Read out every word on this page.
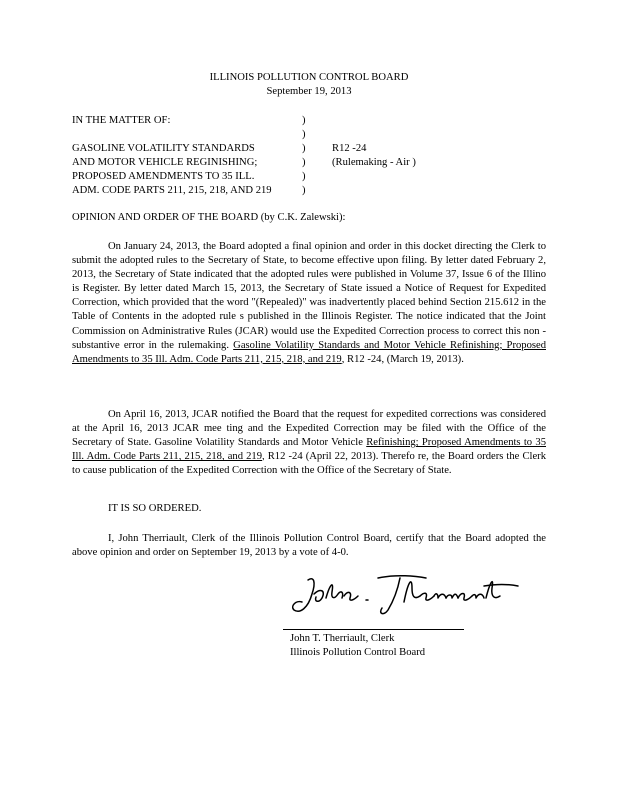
ILLINOIS POLLUTION CONTROL BOARD
September 19, 2013
IN THE MATTER OF:	)
)
GASOLINE VOLATILITY STANDARDS	) R12 -24
AND MOTOR VEHICLE REGINISHING;	) (Rulemaking - Air )
PROPOSED AMENDMENTS TO 35 ILL.	)
ADM. CODE PARTS 211, 215, 218, AND 219	)
OPINION AND ORDER OF THE BOARD (by C.K. Zalewski):

On January 24, 2013, the Board adopted a final opinion and order in this docket directing the Clerk to submit the adopted rules to the Secretary of State, to become effective upon filing. By letter dated February 2, 2013, the Secretary of State indicated that the adopted rules were published in Volume 37, Issue 6 of the Illino is Register. By letter dated March 15, 2013, the Secretary of State issued a Notice of Request for Expedited Correction, which provided that the word "(Repealed)" was inadvertently placed behind Section 215.612 in the Table of Contents in the adopted rule s published in the Illinois Register. The notice indicated that the Joint Commission on Administrative Rules (JCAR) would use the Expedited Correction process to correct this non -substantive error in the rulemaking. Gasoline Volatility Standards and Motor Vehicle Refinishing; Proposed Amendments to 35 Ill. Adm. Code Parts 211, 215, 218, and 219, R12 -24, (March 19, 2013).

On April 16, 2013, JCAR notified the Board that the request for expedited corrections was considered at the April 16, 2013 JCAR mee ting and the Expedited Correction may be filed with the Office of the Secretary of State. Gasoline Volatility Standards and Motor Vehicle Refinishing; Proposed Amendments to 35 Ill. Adm. Code Parts 211, 215, 218, and 219, R12 -24 (April 22, 2013). Therefo re, the Board orders the Clerk to cause publication of the Expedited Correction with the Office of the Secretary of State.

IT IS SO ORDERED.

I, John Therriault, Clerk of the Illinois Pollution Control Board, certify that the Board adopted the above opinion and order on September 19, 2013 by a vote of 4-0.

John T. Therriault, Clerk
Illinois Pollution Control Board
